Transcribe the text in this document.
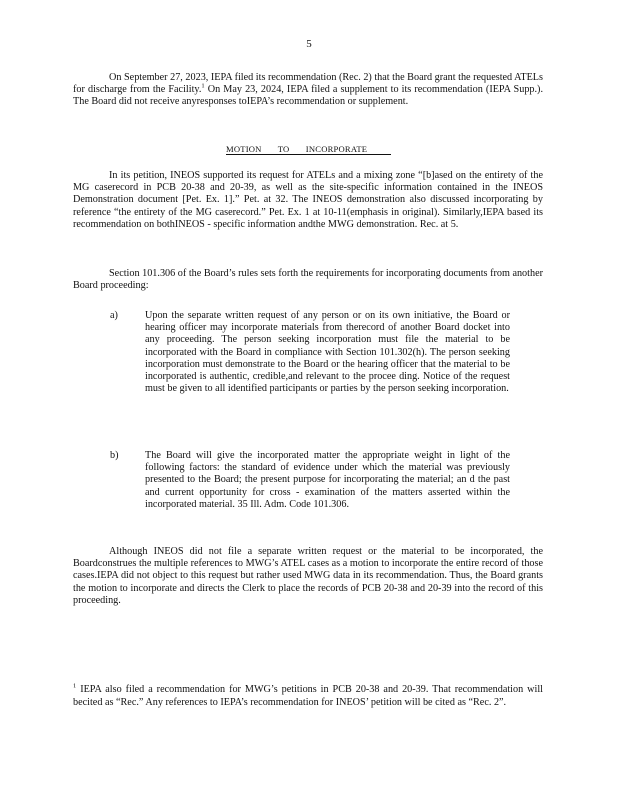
5

On September 27, 2023, IEPA filed its recommendation (Rec. 2) that the Board grant the requested ATELs for discharge from the Facility.$^1$ On May 23, 2024, IEPA filed a supplement to its recommendation (IEPA Supp.). The Board did not receive anyresponses toIEPA’s recommendation or supplement.

MOTION TO INCORPORATE

In its petition, INEOS supported its request for ATELs and a mixing zone “[b]ased on the entirety of the MG caserecord in PCB 20-38 and 20-39, as well as the site-specific information contained in the INEOS Demonstration document [Pet. Ex. 1].” Pet. at 32. The INEOS demonstration also discussed incorporating by reference “the entirety of the MG caserecord.” Pet. Ex. 1 at 10-11(emphasis in original). Similarly,IEPA based its recommendation on bothINEOS - specific information andthe MWG demonstration. Rec. at 5.

Section 101.306 of the Board’s rules sets forth the requirements for incorporating documents from another Board proceeding:

a)	Upon the separate written request of any person or on its own initiative, the Board or hearing officer may incorporate materials from therecord of another Board docket into any proceeding. The person seeking incorporation must file the material to be incorporated with the Board in compliance with Section 101.302(h). The person seeking incorporation must demonstrate to the Board or the hearing officer that the material to be incorporated is authentic, credible,and relevant to the procee ding. Notice of the request must be given to all identified participants or parties by the person seeking incorporation.

b)	The Board will give the incorporated matter the appropriate weight in light of the following factors: the standard of evidence under which the material was previously presented to the Board; the present purpose for incorporating the material; an d the past and current opportunity for cross - examination of the matters asserted within the incorporated material. 35 Ill. Adm. Code 101.306.

Although INEOS did not file a separate written request or the material to be incorporated, the Boardconstrues the multiple references to MWG’s ATEL cases as a motion to incorporate the entire record of those cases.IEPA did not object to this request but rather used MWG data in its recommendation. Thus, the Board grants the motion to incorporate and directs the Clerk to place the records of PCB 20-38 and 20-39 into the record of this proceeding.

$^1$ IEPA also filed a recommendation for MWG’s petitions in PCB 20-38 and 20-39. That recommendation will becited as “Rec.” Any references to IEPA’s recommendation for INEOS’ petition will be cited as “Rec. 2”.
